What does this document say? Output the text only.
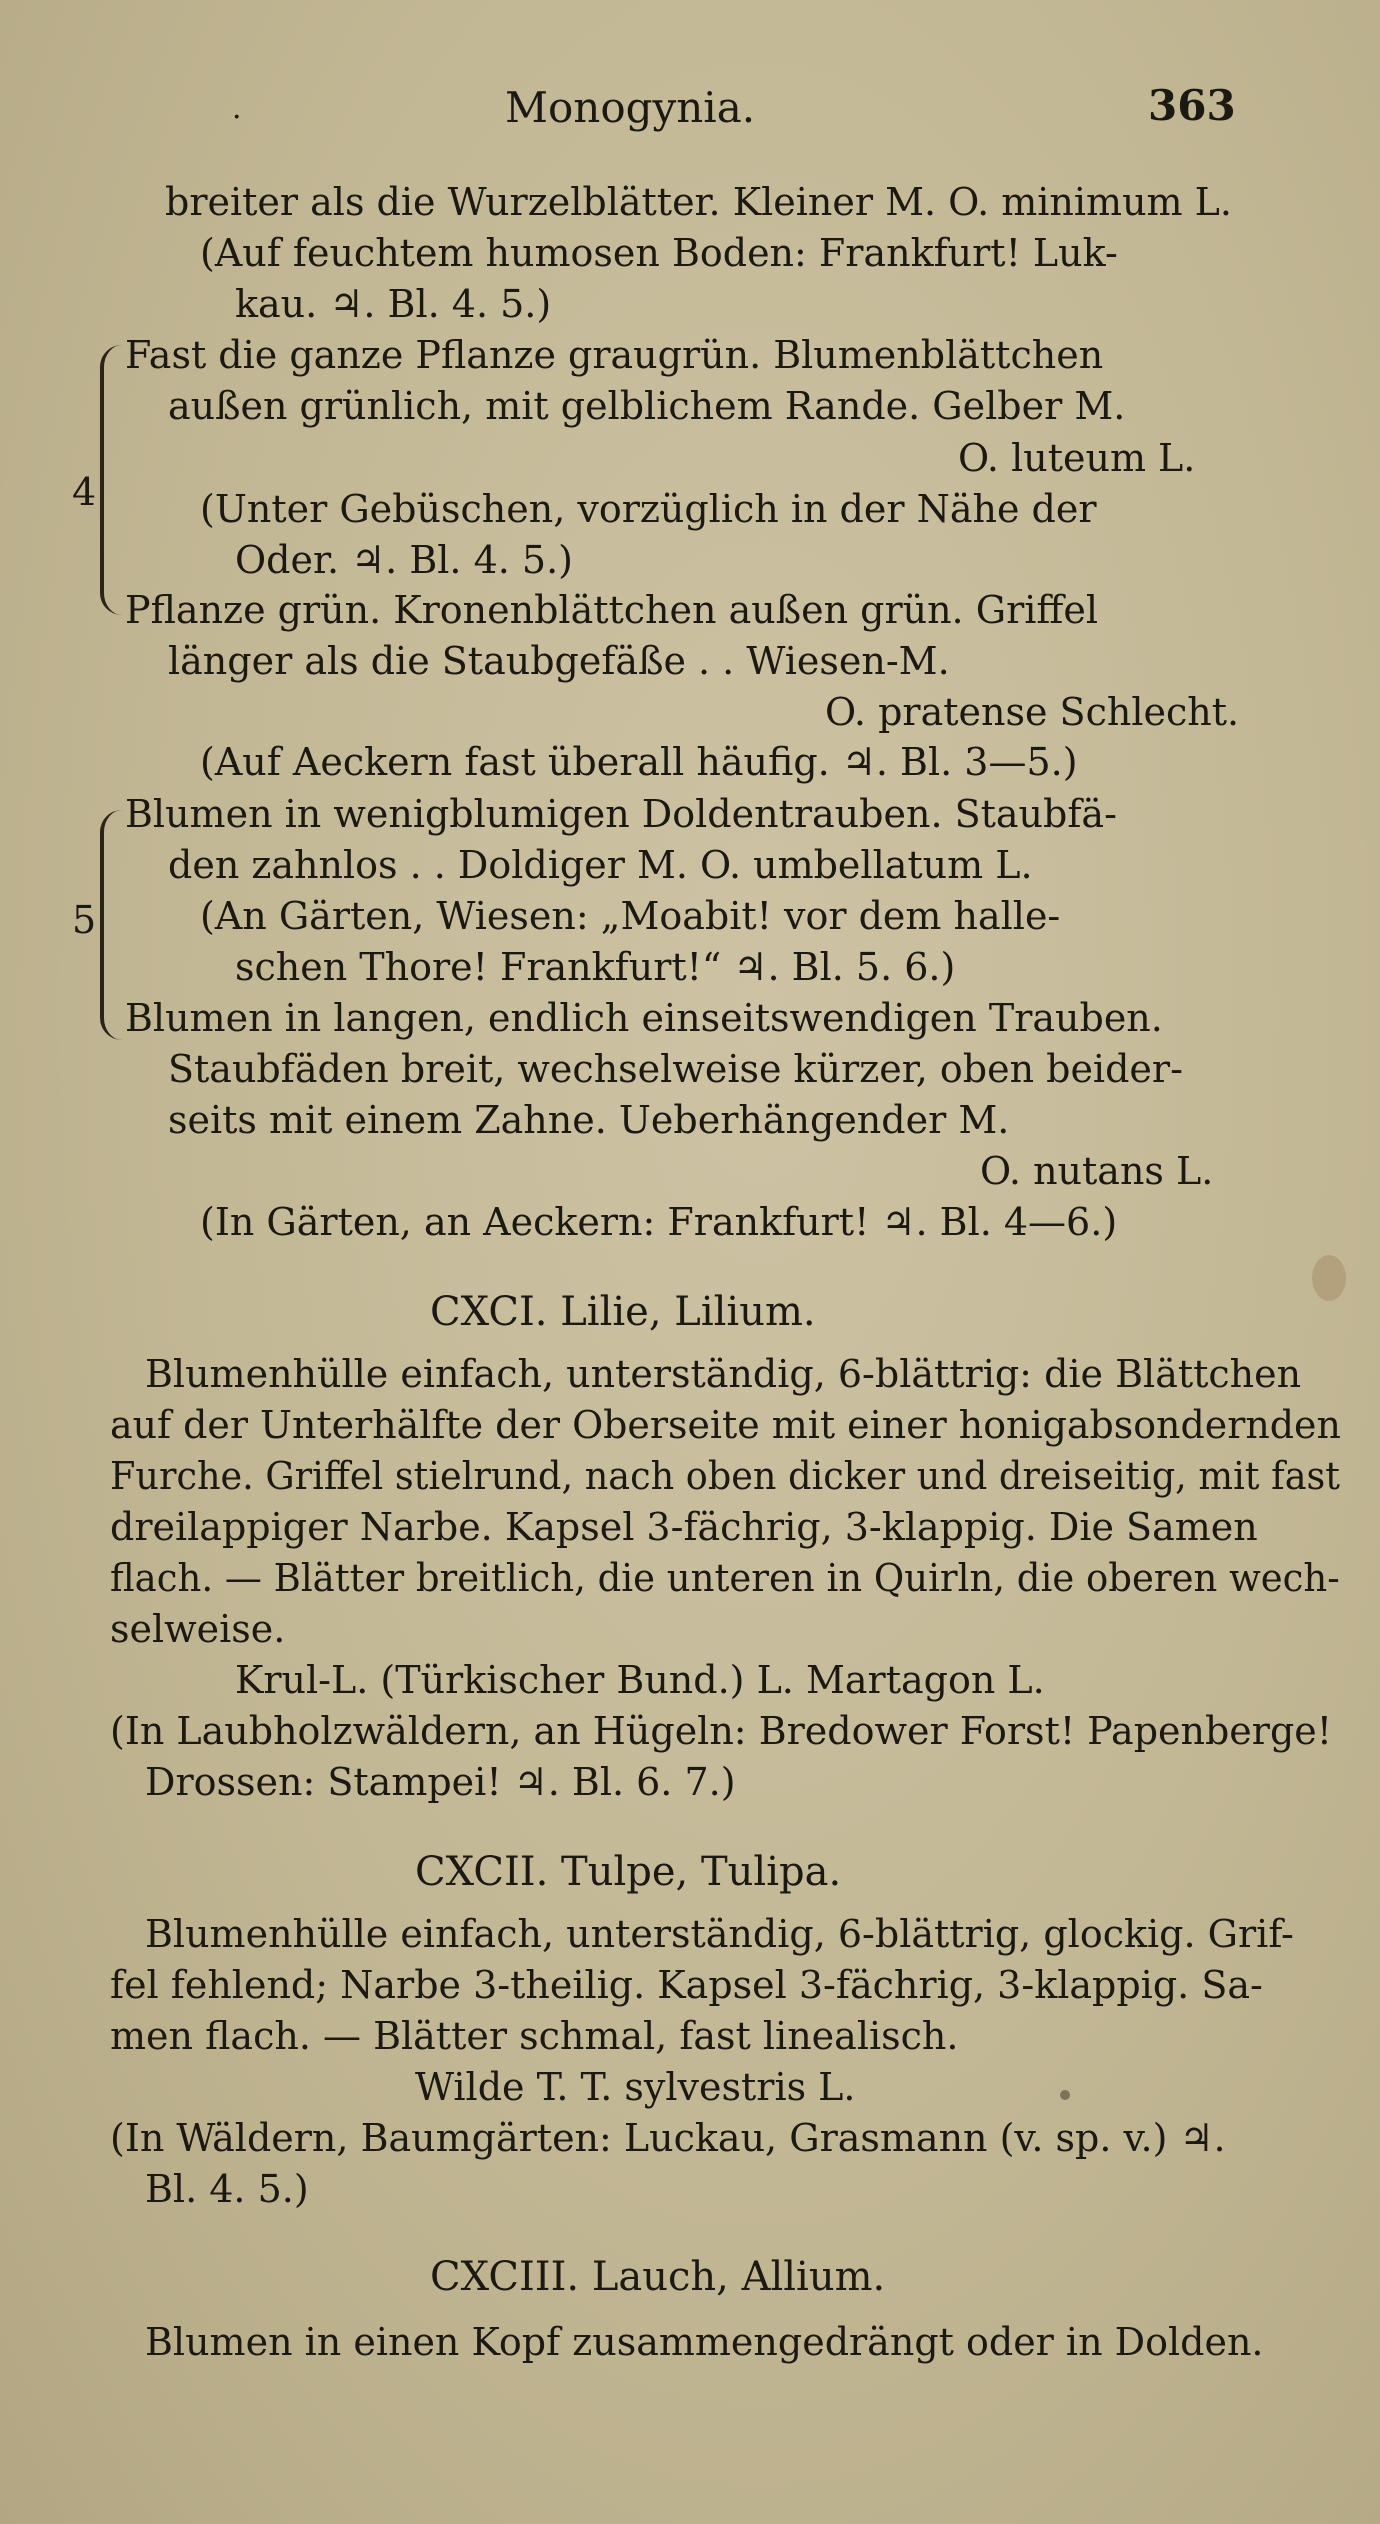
·	Monogynia.	363
breiter als die Wurzelblätter. Kleiner M. O. minimum L.
(Auf feuchtem humosen Boden: Frankfurt! Luk-
kau. ♃. Bl. 4. 5.)
4
Fast die ganze Pflanze graugrün. Blumenblättchen
außen grünlich, mit gelblichem Rande. Gelber M.
O. luteum L.
(Unter Gebüschen, vorzüglich in der Nähe der
Oder. ♃. Bl. 4. 5.)
Pflanze grün. Kronenblättchen außen grün. Griffel
länger als die Staubgefäße . . Wiesen-M.
O. pratense Schlecht.
(Auf Aeckern fast überall häufig. ♃. Bl. 3—5.)
5
Blumen in wenigblumigen Doldentrauben. Staubfä-
den zahnlos . . Doldiger M. O. umbellatum L.
(An Gärten, Wiesen: „Moabit! vor dem halle-
schen Thore! Frankfurt!“ ♃. Bl. 5. 6.)
Blumen in langen, endlich einseitswendigen Trauben.
Staubfäden breit, wechselweise kürzer, oben beider-
seits mit einem Zahne. Ueberhängender M.
O. nutans L.
(In Gärten, an Aeckern: Frankfurt! ♃. Bl. 4—6.)
CXCI. Lilie, Lilium.
Blumenhülle einfach, unterständig, 6-blättrig: die Blättchen
auf der Unterhälfte der Oberseite mit einer honigabsondernden
Furche. Griffel stielrund, nach oben dicker und dreiseitig, mit fast
dreilappiger Narbe. Kapsel 3-fächrig, 3-klappig. Die Samen
flach. — Blätter breitlich, die unteren in Quirln, die oberen wech-
selweise.
Krul-L. (Türkischer Bund.) L. Martagon L.
(In Laubholzwäldern, an Hügeln: Bredower Forst! Papenberge!
Drossen: Stampei! ♃. Bl. 6. 7.)
CXCII. Tulpe, Tulipa.
Blumenhülle einfach, unterständig, 6-blättrig, glockig. Grif-
fel fehlend; Narbe 3-theilig. Kapsel 3-fächrig, 3-klappig. Sa-
men flach. — Blätter schmal, fast linealisch.
Wilde T. T. sylvestris L.
(In Wäldern, Baumgärten: Luckau, Grasmann (v. sp. v.) ♃.
Bl. 4. 5.)
CXCIII. Lauch, Allium.
Blumen in einen Kopf zusammengedrängt oder in Dolden.
